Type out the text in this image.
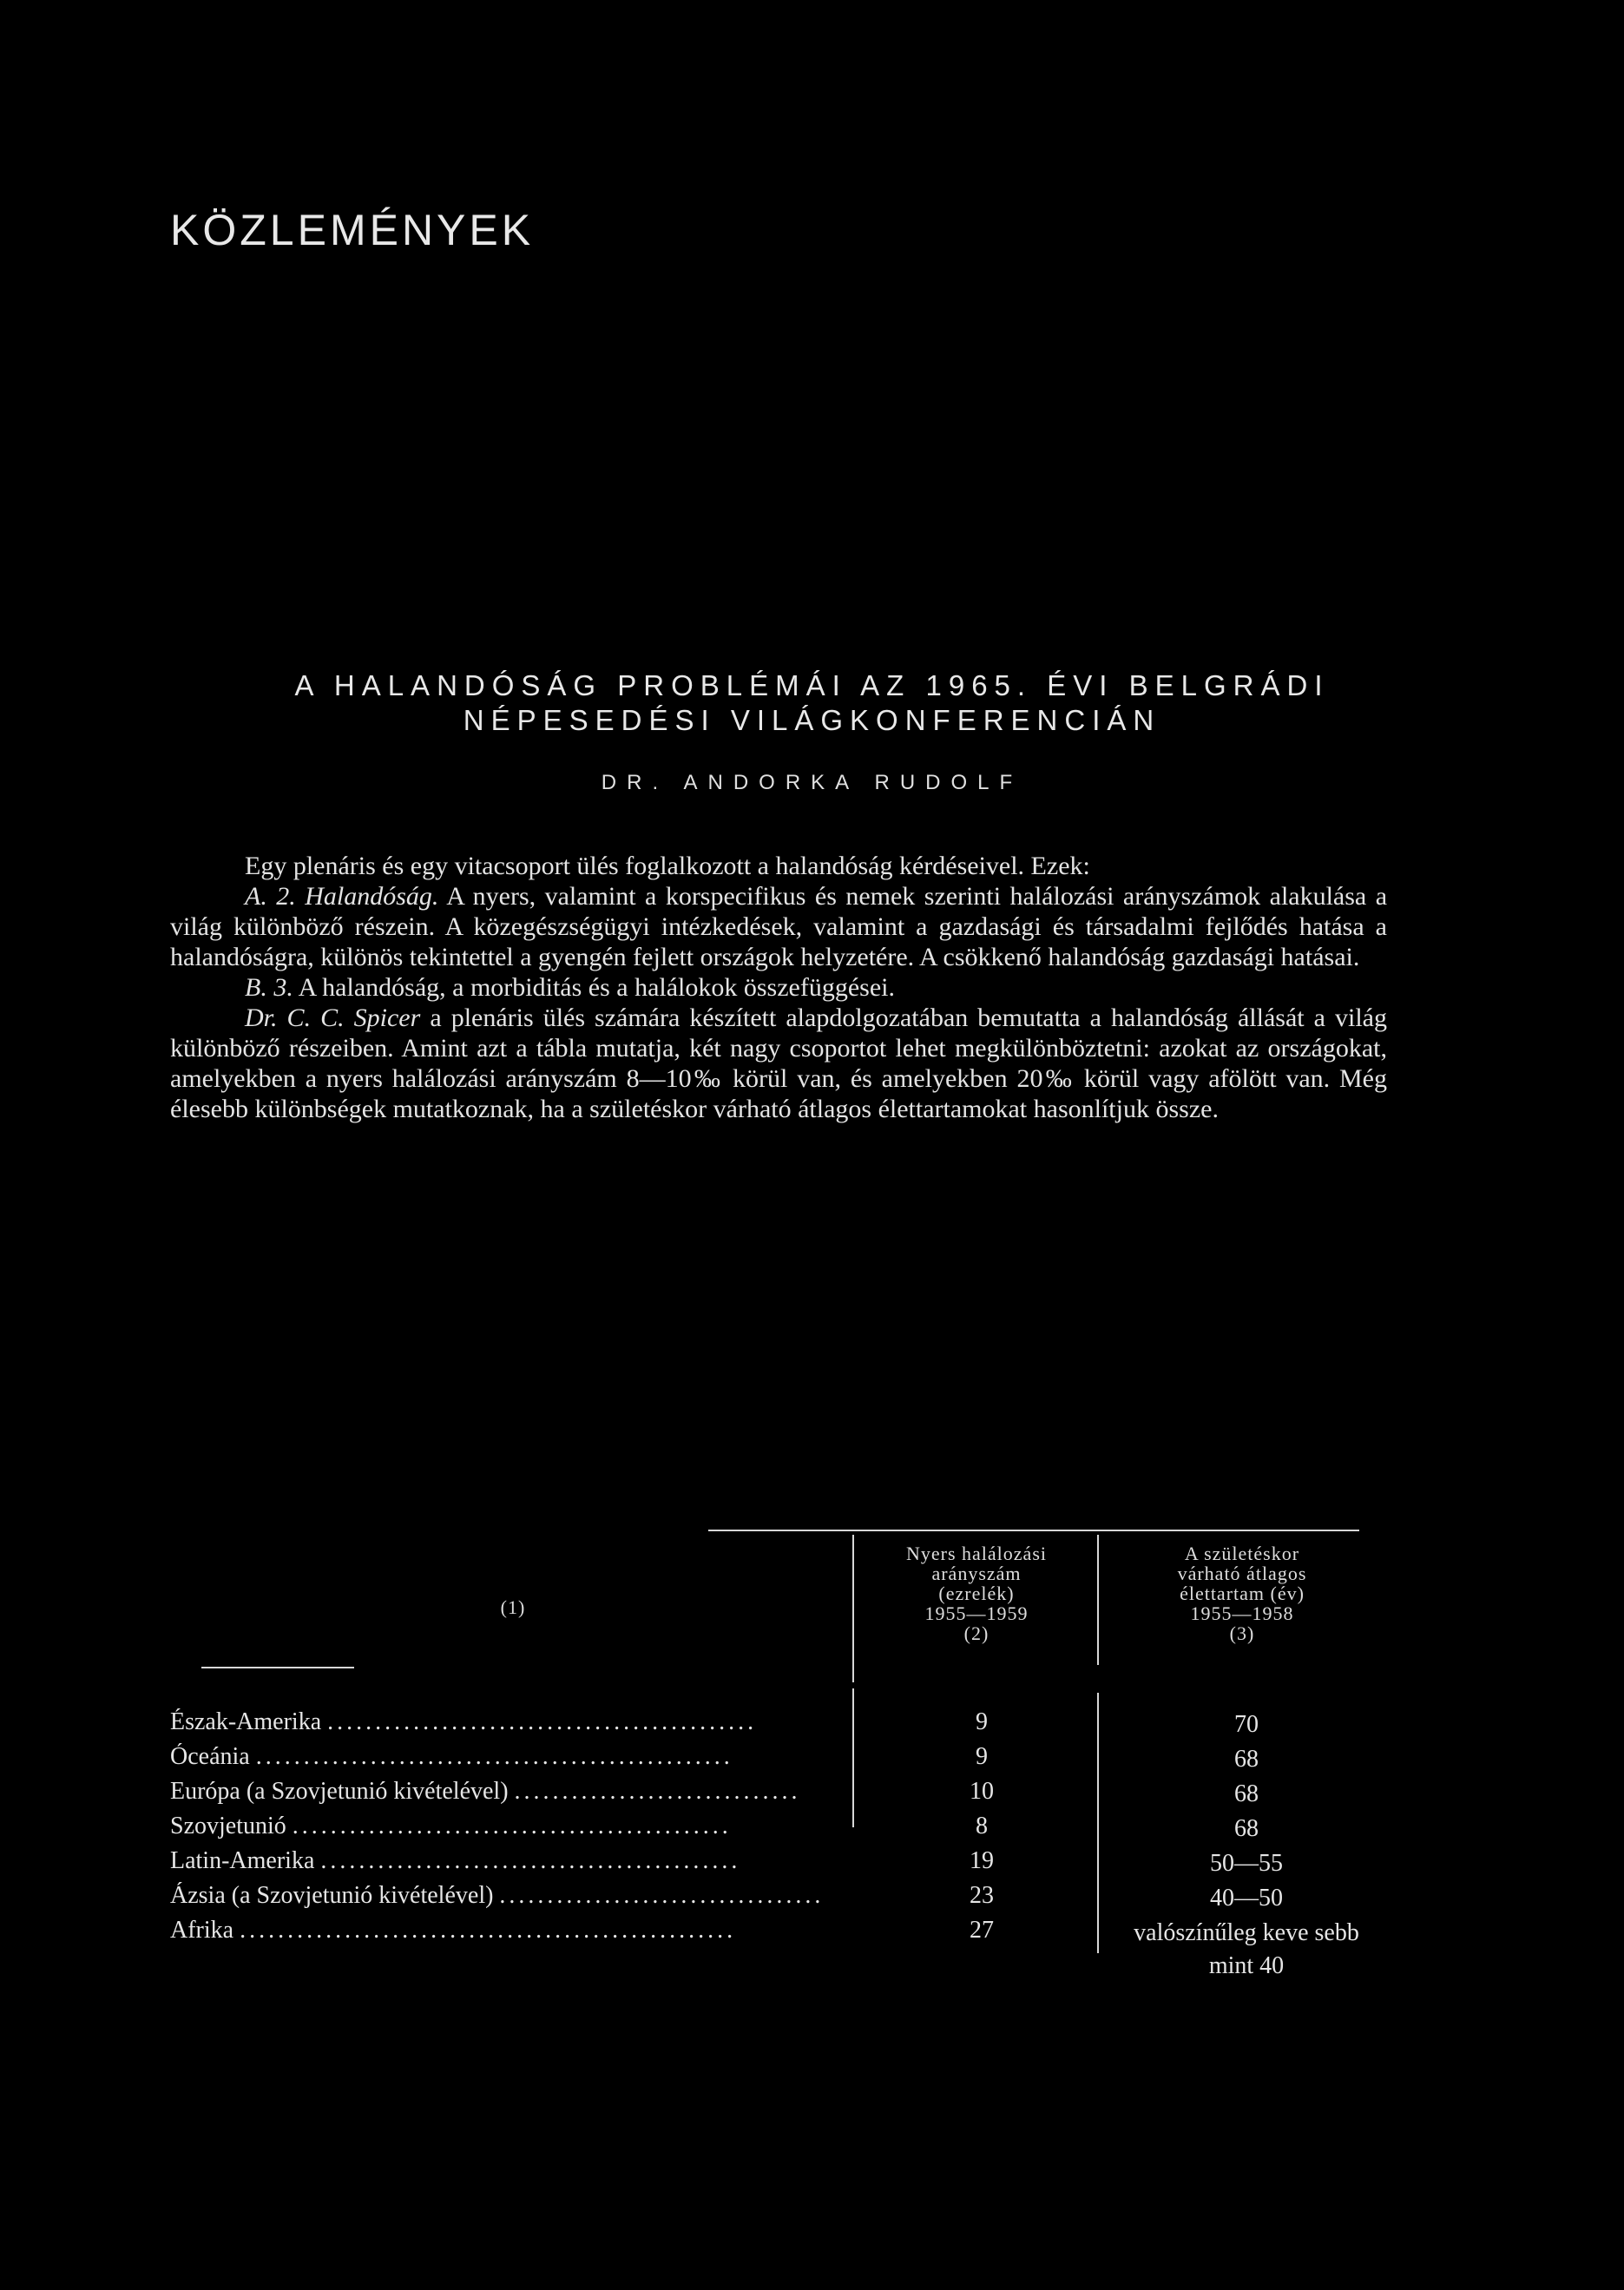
KÖZLEMÉNYEK
A HALANDÓSÁG PROBLÉMÁI AZ 1965. ÉVI BELGRÁDI
NÉPESEDÉSI VILÁGKONFERENCIÁN
DR. ANDORKA RUDOLF

Egy plenáris és egy vitacsoport ülés foglalkozott a halandóság kérdéseivel. Ezek:

A. 2. Halandóság. A nyers, valamint a korspecifikus és nemek szerinti halálozási arányszámok alakulása a világ különböző részein. A közegészségügyi intézkedések, valamint a gazdasági és társadalmi fejlődés hatása a halandóságra, különös tekintettel a gyengén fejlett országok helyzetére. A csökkenő halandóság gazdasági hatásai.

B. 3. A halandóság, a morbiditás és a halálokok összefüggései.

Dr. C. C. Spicer a plenáris ülés számára készített alapdolgozatában bemutatta a halandóság állását a világ különböző részeiben. Amint azt a tábla mutatja, két nagy csoportot lehet megkülönböztetni: azokat az országokat, amelyekben a nyers halálozási arányszám 8—10‰ körül van, és amelyekben 20‰ körül vagy afölött van. Még élesebb különbségek mutatkoznak, ha a születéskor várható átlagos élettartamokat hasonlítjuk össze.

(1)
Nyers halálozási
arányszám
(ezrelék)
1955—1959
(2)
A születéskor
várható átlagos
élettartam (év)
1955—1958
(3)
Észak-Amerika .............................................	9	70
Óceánia ..................................................	9	68
Európa (a Szovjetunió kivételével) ..............................	10	68
Szovjetunió ..............................................	8	68
Latin-Amerika ............................................	19	50—55
Ázsia (a Szovjetunió kivételével) ..................................	23	40—50
Afrika ....................................................	27	valószínűleg keve sebb mint 40
